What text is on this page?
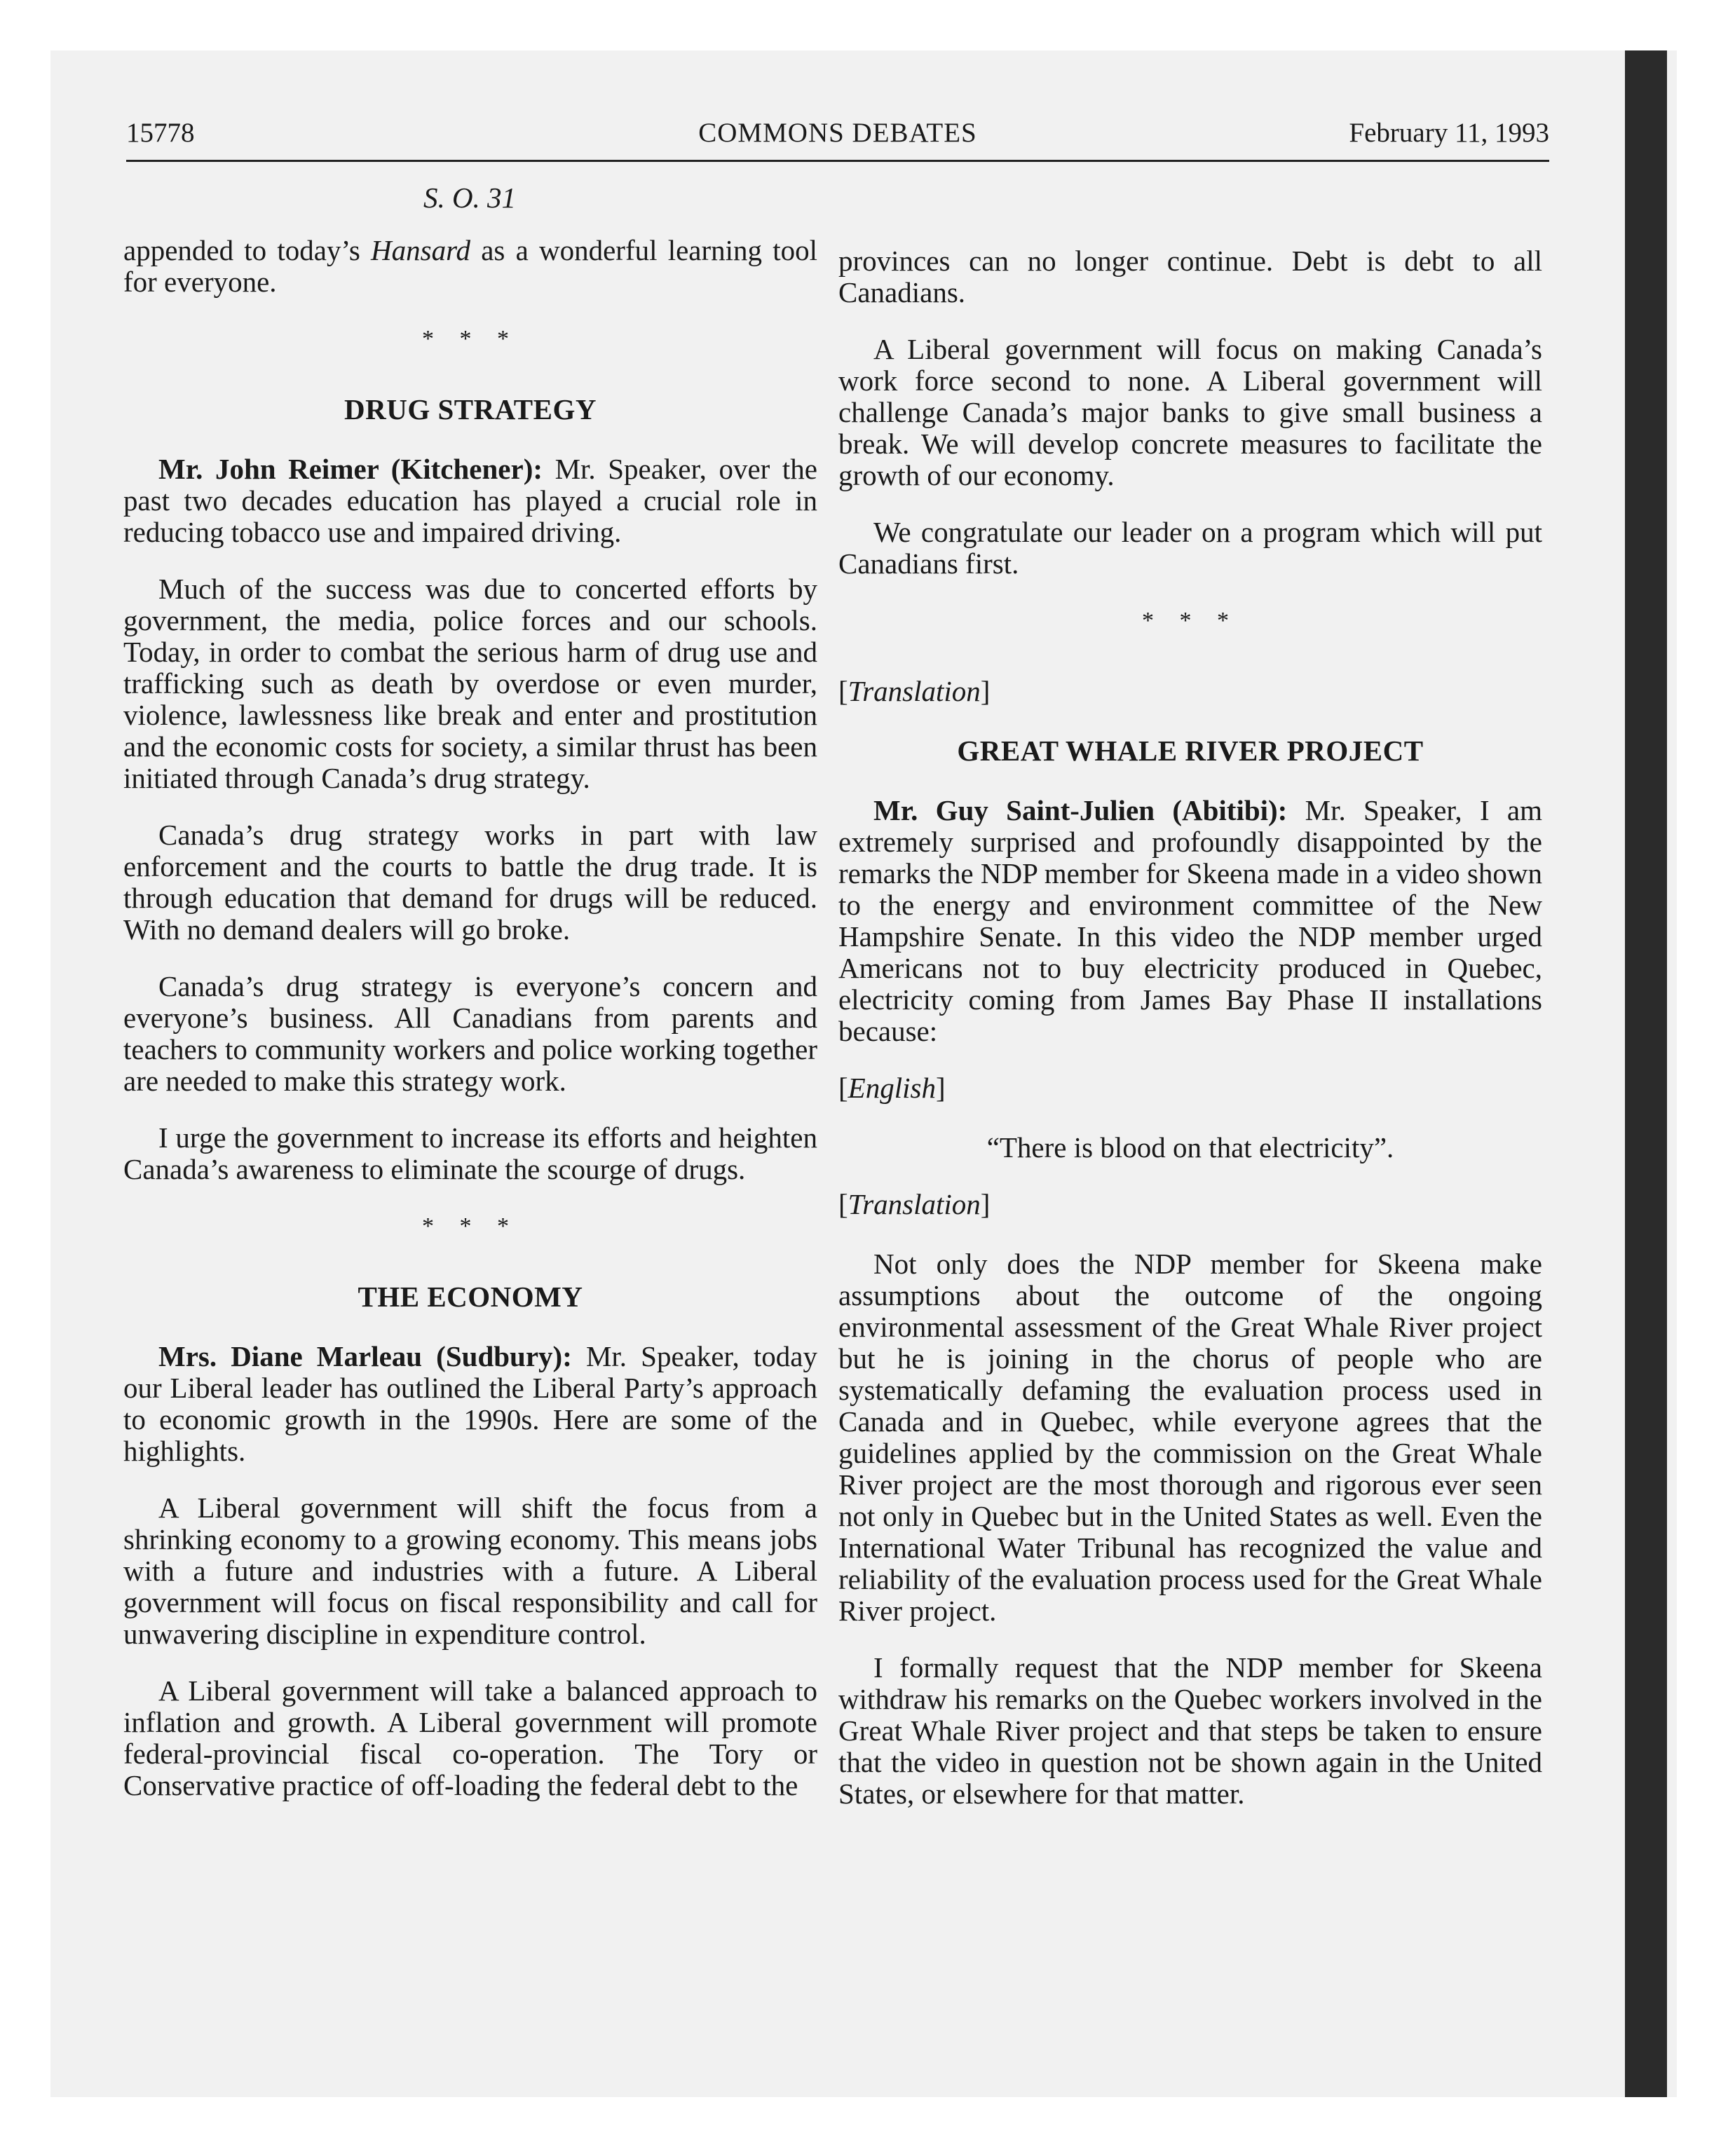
15778	COMMONS DEBATES	February 11, 1993
S. O. 31

appended to today’s Hansard as a wonderful learning tool for everyone.

* * *
DRUG STRATEGY

Mr. John Reimer (Kitchener): Mr. Speaker, over the past two decades education has played a crucial role in reducing tobacco use and impaired driving.

Much of the success was due to concerted efforts by government, the media, police forces and our schools. Today, in order to combat the serious harm of drug use and trafficking such as death by overdose or even murder, violence, lawlessness like break and enter and prostitution and the economic costs for society, a similar thrust has been initiated through Canada’s drug strategy.

Canada’s drug strategy works in part with law enforcement and the courts to battle the drug trade. It is through education that demand for drugs will be reduced. With no demand dealers will go broke.

Canada’s drug strategy is everyone’s concern and everyone’s business. All Canadians from parents and teachers to community workers and police working together are needed to make this strategy work.

I urge the government to increase its efforts and heighten Canada’s awareness to eliminate the scourge of drugs.

* * *
THE ECONOMY

Mrs. Diane Marleau (Sudbury): Mr. Speaker, today our Liberal leader has outlined the Liberal Party’s approach to economic growth in the 1990s. Here are some of the highlights.

A Liberal government will shift the focus from a shrinking economy to a growing economy. This means jobs with a future and industries with a future. A Liberal government will focus on fiscal responsibility and call for unwavering discipline in expenditure control.

A Liberal government will take a balanced approach to inflation and growth. A Liberal government will promote federal-provincial fiscal co-operation. The Tory or Conservative practice of off-loading the federal debt to the

provinces can no longer continue. Debt is debt to all Canadians.

A Liberal government will focus on making Canada’s work force second to none. A Liberal government will challenge Canada’s major banks to give small business a break. We will develop concrete measures to facilitate the growth of our economy.

We congratulate our leader on a program which will put Canadians first.

* * *
[Translation]
GREAT WHALE RIVER PROJECT

Mr. Guy Saint-Julien (Abitibi): Mr. Speaker, I am extremely surprised and profoundly disappointed by the remarks the NDP member for Skeena made in a video shown to the energy and environment committee of the New Hampshire Senate. In this video the NDP member urged Americans not to buy electricity produced in Quebec, electricity coming from James Bay Phase II installations because:

[English]

“There is blood on that electricity”.

[Translation]

Not only does the NDP member for Skeena make assumptions about the outcome of the ongoing environmental assessment of the Great Whale River project but he is joining in the chorus of people who are systematically defaming the evaluation process used in Canada and in Quebec, while everyone agrees that the guidelines applied by the commission on the Great Whale River project are the most thorough and rigorous ever seen not only in Quebec but in the United States as well. Even the International Water Tribunal has recognized the value and reliability of the evaluation process used for the Great Whale River project.

I formally request that the NDP member for Skeena withdraw his remarks on the Quebec workers involved in the Great Whale River project and that steps be taken to ensure that the video in question not be shown again in the United States, or elsewhere for that matter.
